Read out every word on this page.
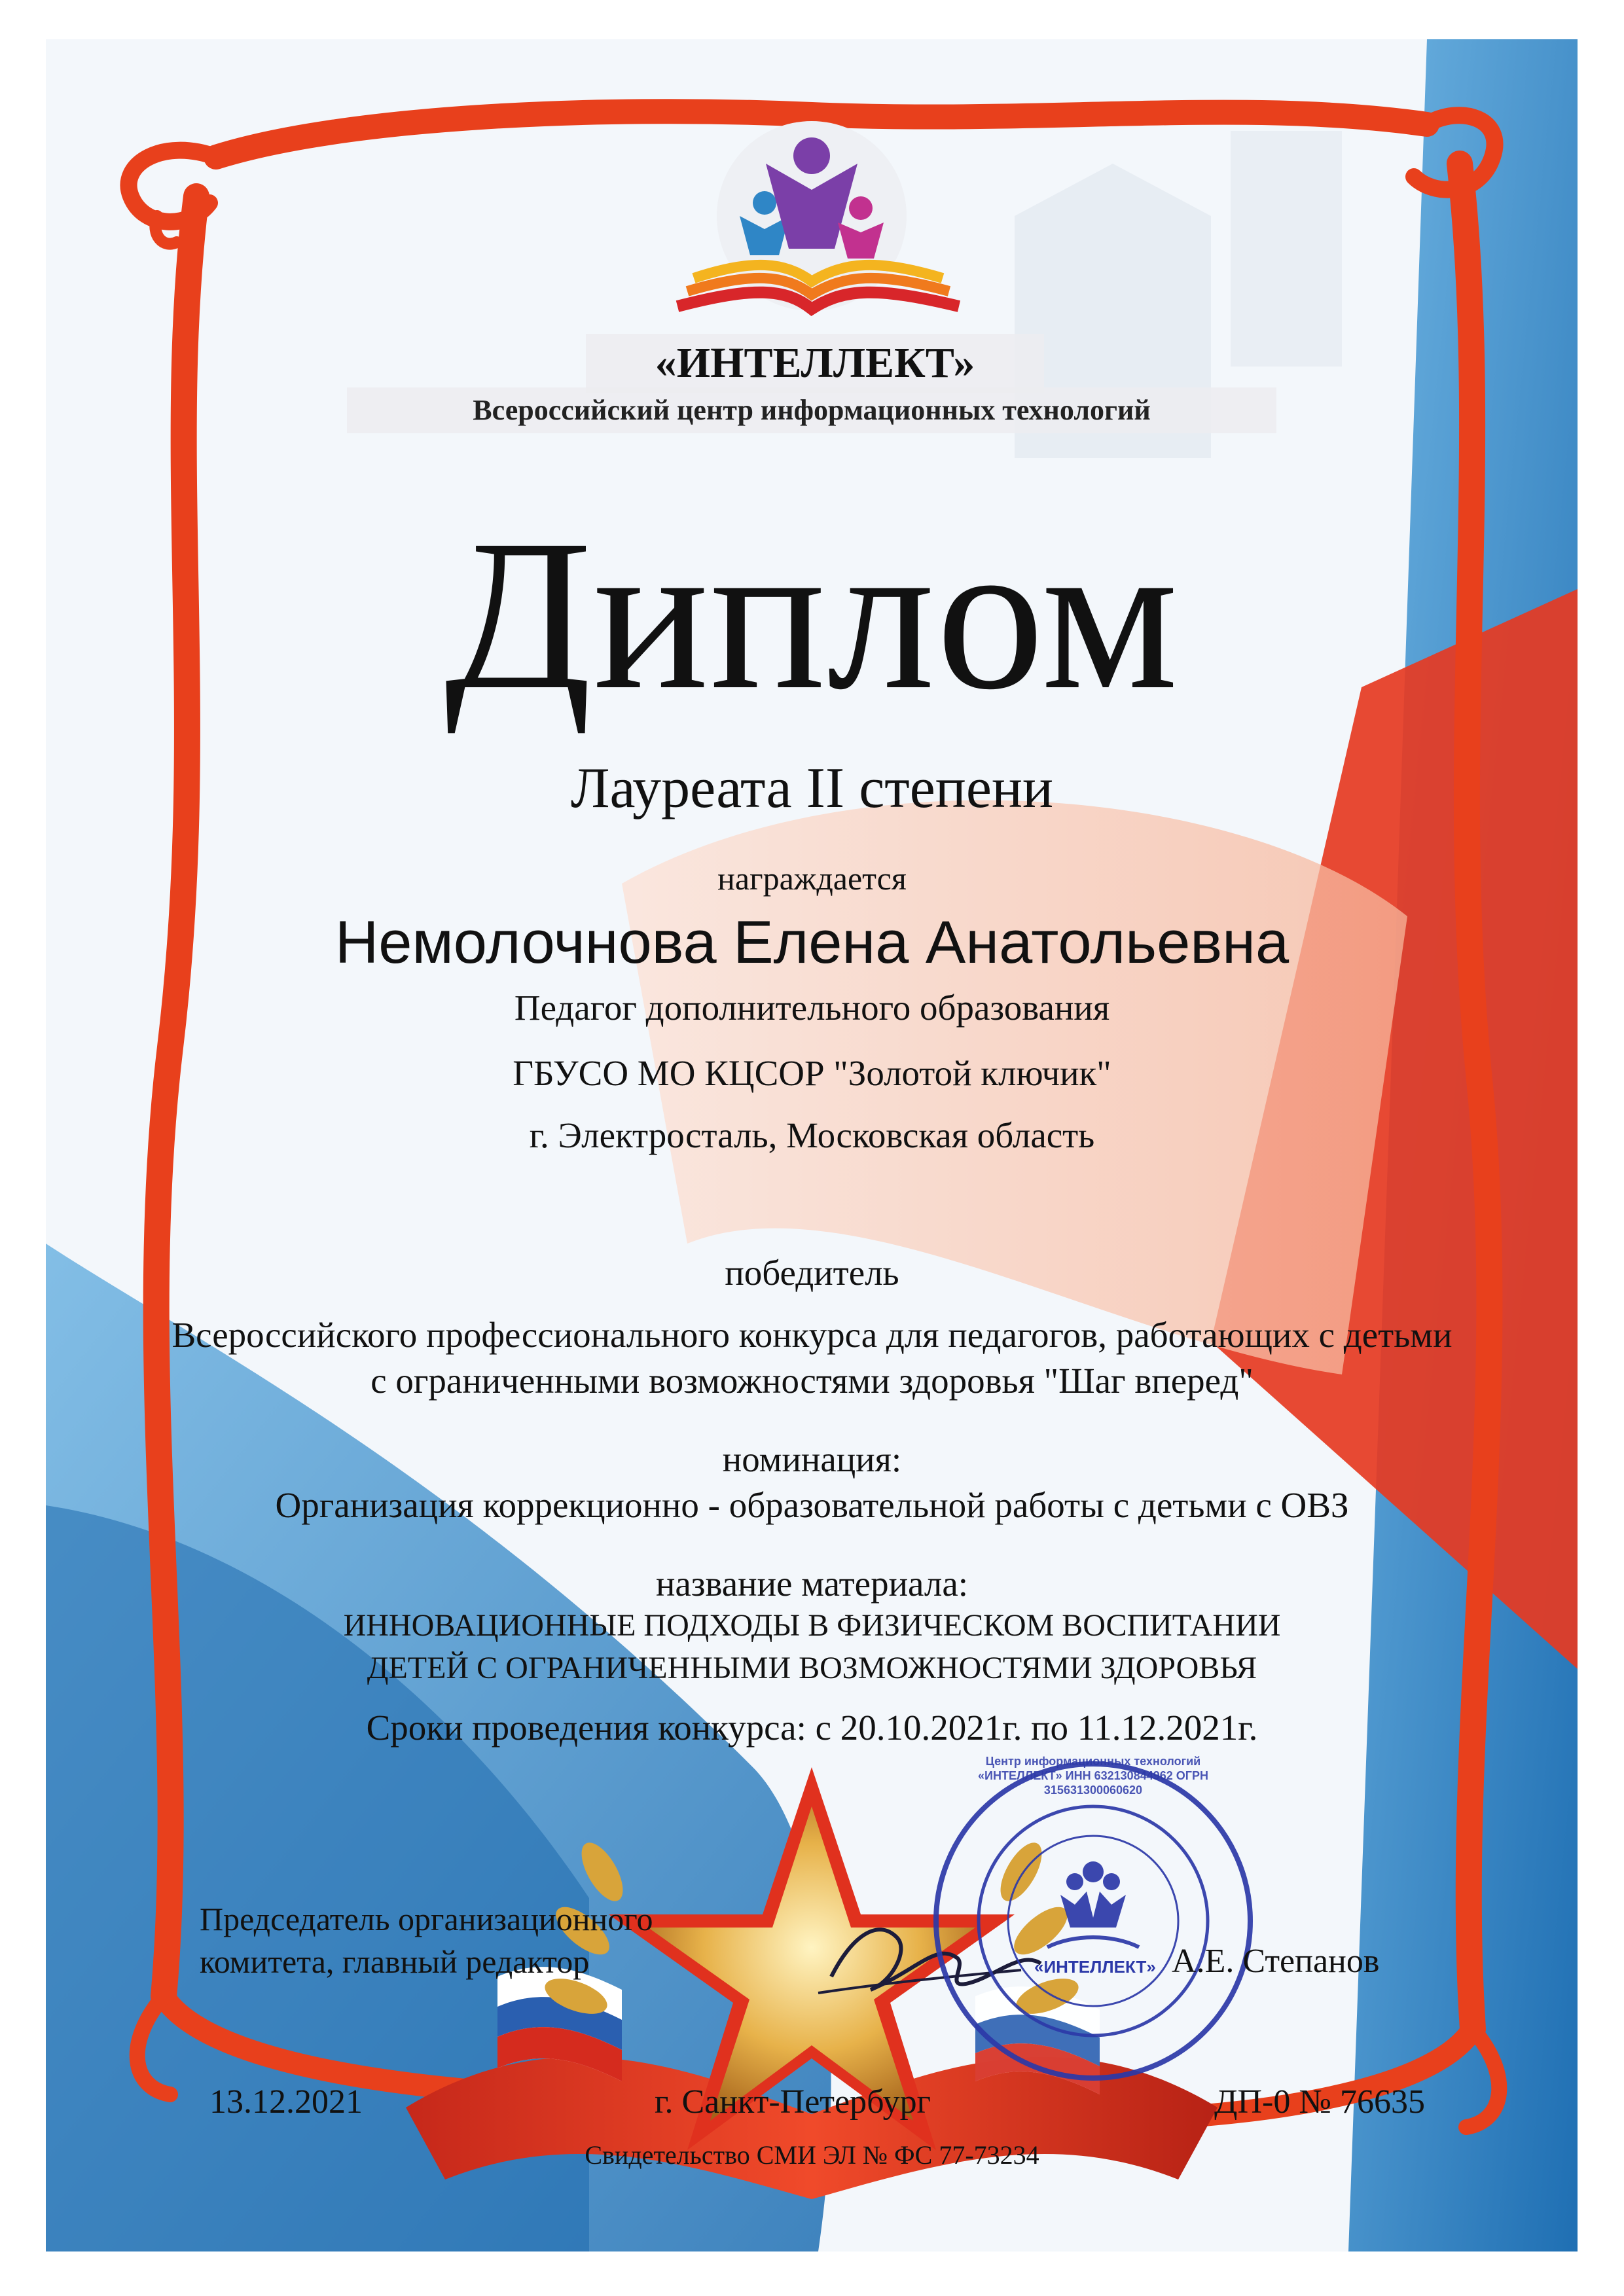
«ИНТЕЛЛЕКТ»
Центр информационных технологий «ИНТЕЛЛЕКТ» ИНН 632130844962 ОГРН 315631300060620
«ИНТЕЛЛЕКТ»
Всероссийский центр информационных технологий
Диплом
Лауреата II степени
награждается
Немолочнова Елена Анатольевна
Педагог дополнительного образования
ГБУСО МО КЦСОР "Золотой ключик"
г. Электросталь, Московская область
победитель
Всероссийского профессионального конкурса для педагогов, работающих с детьми
с ограниченными возможностями здоровья "Шаг вперед"
номинация:
Организация коррекционно - образовательной работы с детьми с ОВЗ
название материала:
ИННОВАЦИОННЫЕ ПОДХОДЫ В ФИЗИЧЕСКОМ ВОСПИТАНИИ
ДЕТЕЙ С ОГРАНИЧЕННЫМИ ВОЗМОЖНОСТЯМИ ЗДОРОВЬЯ
Сроки проведения конкурса: с 20.10.2021г. по 11.12.2021г.
Председатель организационного
комитета, главный редактор	А.Е. Степанов
13.12.2021	г. Санкт-Петербург	ДП-0 № 76635
Свидетельство СМИ ЭЛ № ФС 77-73234
